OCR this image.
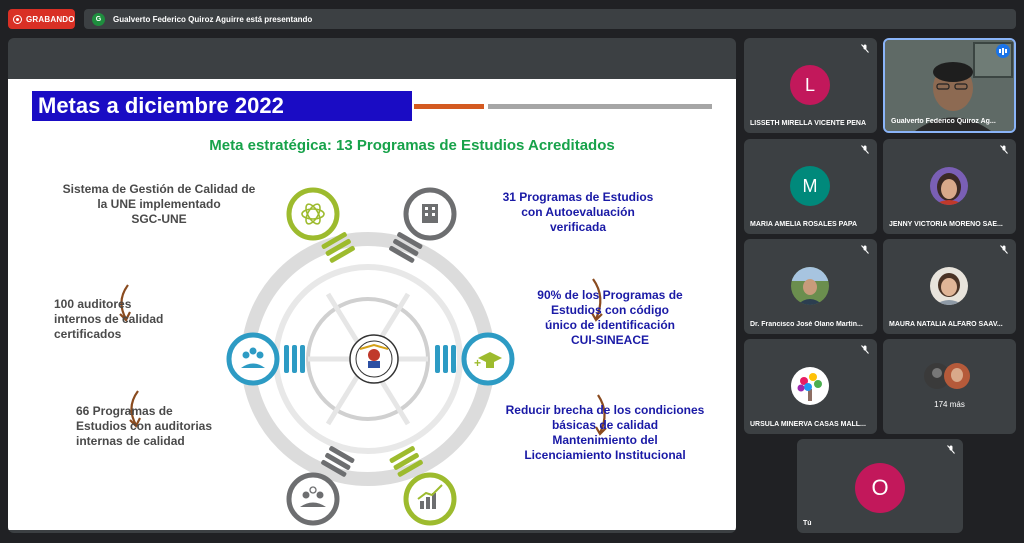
GRABANDO	G	Gualverto Federico Quiroz Aguirre está presentando
Metas a diciembre 2022
Meta estratégica: 13 Programas de Estudios Acreditados
+
Sistema de Gestión de Calidad de
la UNE implementado
SGC-UNE
100 auditores
internos de calidad
certificados
66 Programas de
Estudios con auditorias
internas de calidad
31 Programas de Estudios
con Autoevaluación
verificada
90% de los Programas de
Estudios con código
único de identificación
CUI-SINEACE
Reducir brecha de los condiciones
básicas de calidad
Mantenimiento del
Licenciamiento Institucional
L
LISSETH MIRELLA VICENTE PEÑA	Gualverto Federico Quiroz Ag...
M
MARIA AMELIA ROSALES PAPA	JENNY VICTORIA MORENO SAE...
Dr. Francisco José Olano Martín...	MAURA NATALIA ALFARO SAAV...
URSULA MINERVA CASAS MALL...
174 más
O
Tú
